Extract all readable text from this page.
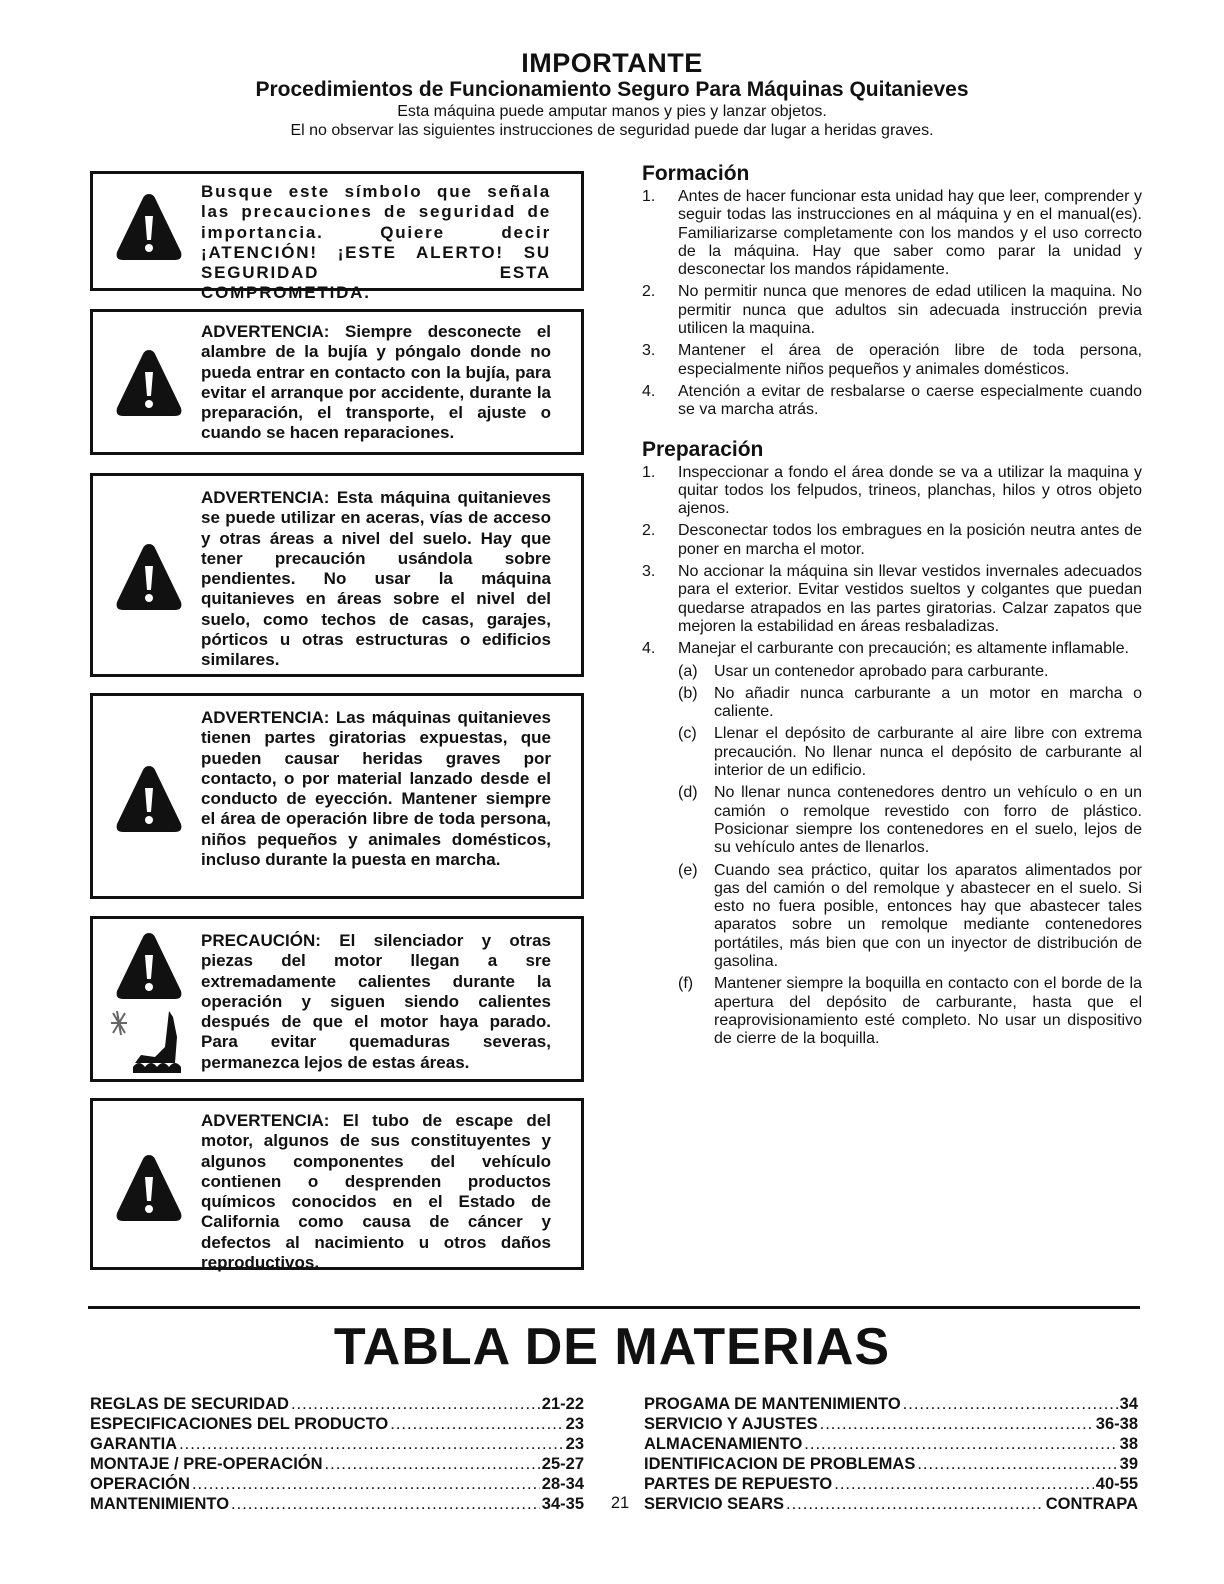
IMPORTANTE
Procedimientos de Funcionamiento Seguro Para Máquinas Quitanieves
Esta máquina puede amputar manos y pies y lanzar objetos.
El no observar las siguientes instrucciones de seguridad puede dar lugar a heridas graves.
Busque este símbolo que señala las precauciones de seguridad de importancia. Quiere decir ¡ATENCIÓN! ¡ESTE ALERTO! SU SEGURIDAD ESTA COMPROMETIDA.
ADVERTENCIA: Siempre desconecte el alambre de la bujía y póngalo donde no pueda entrar en contacto con la bujía, para evitar el arranque por accidente, durante la preparación, el transporte, el ajuste o cuando se hacen reparaciones.
ADVERTENCIA: Esta máquina quitanieves se puede utilizar en aceras, vías de acceso y otras áreas a nivel del suelo. Hay que tener precaución usándola sobre pendientes. No usar la máquina quitanieves en áreas sobre el nivel del suelo, como techos de casas, garajes, pórticos u otras estructuras o edificios similares.
ADVERTENCIA: Las máquinas quitanieves tienen partes giratorias expuestas, que pueden causar heridas graves por contacto, o por material lanzado desde el conducto de eyección. Mantener siempre el área de operación libre de toda persona, niños pequeños y animales domésticos, incluso durante la puesta en marcha.
PRECAUCIÓN: El silenciador y otras piezas del motor llegan a sre extremadamente calientes durante la operación y siguen siendo calientes después de que el motor haya parado. Para evitar quemaduras severas, permanezca lejos de estas áreas.
ADVERTENCIA: El tubo de escape del motor, algunos de sus constituyentes y algunos componentes del vehículo contienen o desprenden productos químicos conocidos en el Estado de California como causa de cáncer y defectos al nacimiento u otros daños reproductivos.
Formación
1.	Antes de hacer funcionar esta unidad hay que leer, comprender y seguir todas las instrucciones en al máquina y en el manual(es). Familiarizarse completamente con los mandos y el uso correcto de la máquina. Hay que saber como parar la unidad y desconectar los mandos rápidamente.
2.	No permitir nunca que menores de edad utilicen la maquina. No permitir nunca que adultos sin adecuada instrucción previa utilicen la maquina.
3.	Mantener el área de operación libre de toda persona, especialmente niños pequeños y animales domésticos.
4.	Atención a evitar de resbalarse o caerse especialmente cuando se va marcha atrás.
Preparación
1.	Inspeccionar a fondo el área donde se va a utilizar la maquina y quitar todos los felpudos, trineos, planchas, hilos y otros objeto ajenos.
2.	Desconectar todos los embragues en la posición neutra antes de poner en marcha el motor.
3.	No accionar la máquina sin llevar vestidos invernales adecuados para el exterior. Evitar vestidos sueltos y colgantes que puedan quedarse atrapados en las partes giratorias. Calzar zapatos que mejoren la estabilidad en áreas resbaladizas.
4.	Manejar el carburante con precaución; es altamente inflamable.
(a)	Usar un contenedor aprobado para carburante.
(b)	No añadir nunca carburante a un motor en marcha o caliente.
(c)	Llenar el depósito de carburante al aire libre con extrema precaución. No llenar nunca el depósito de carburante al interior de un edificio.
(d)	No llenar nunca contenedores dentro un vehículo o en un camión o remolque revestido con forro de plástico. Posicionar siempre los contenedores en el suelo, lejos de su vehículo antes de llenarlos.
(e)	Cuando sea práctico, quitar los aparatos alimentados por gas del camión o del remolque y abastecer en el suelo. Si esto no fuera posible, entonces hay que abastecer tales aparatos sobre un remolque mediante contenedores portátiles, más bien que con un inyector de distribución de gasolina.
(f)	Mantener siempre la boquilla en contacto con el borde de la apertura del depósito de carburante, hasta que el reaprovisionamiento esté completo. No usar un dispositivo de cierre de la boquilla.
TABLA DE MATERIAS
REGLAS DE SECURIDAD .....	21-22
ESPECIFICACIONES DEL PRODUCTO .....	23
GARANTIA .....	23
MONTAJE / PRE-OPERACIÓN .....	25-27
OPERACIÓN .....	28-34
MANTENIMIENTO .....	34-35	21
PROGAMA DE MANTENIMIENTO .....	34
SERVICIO Y AJUSTES .....	36-38
ALMACENAMIENTO .....	38
IDENTIFICACION DE PROBLEMAS .....	39
PARTES DE REPUESTO .....	40-55
SERVICIO SEARS .....	CONTRAPA
